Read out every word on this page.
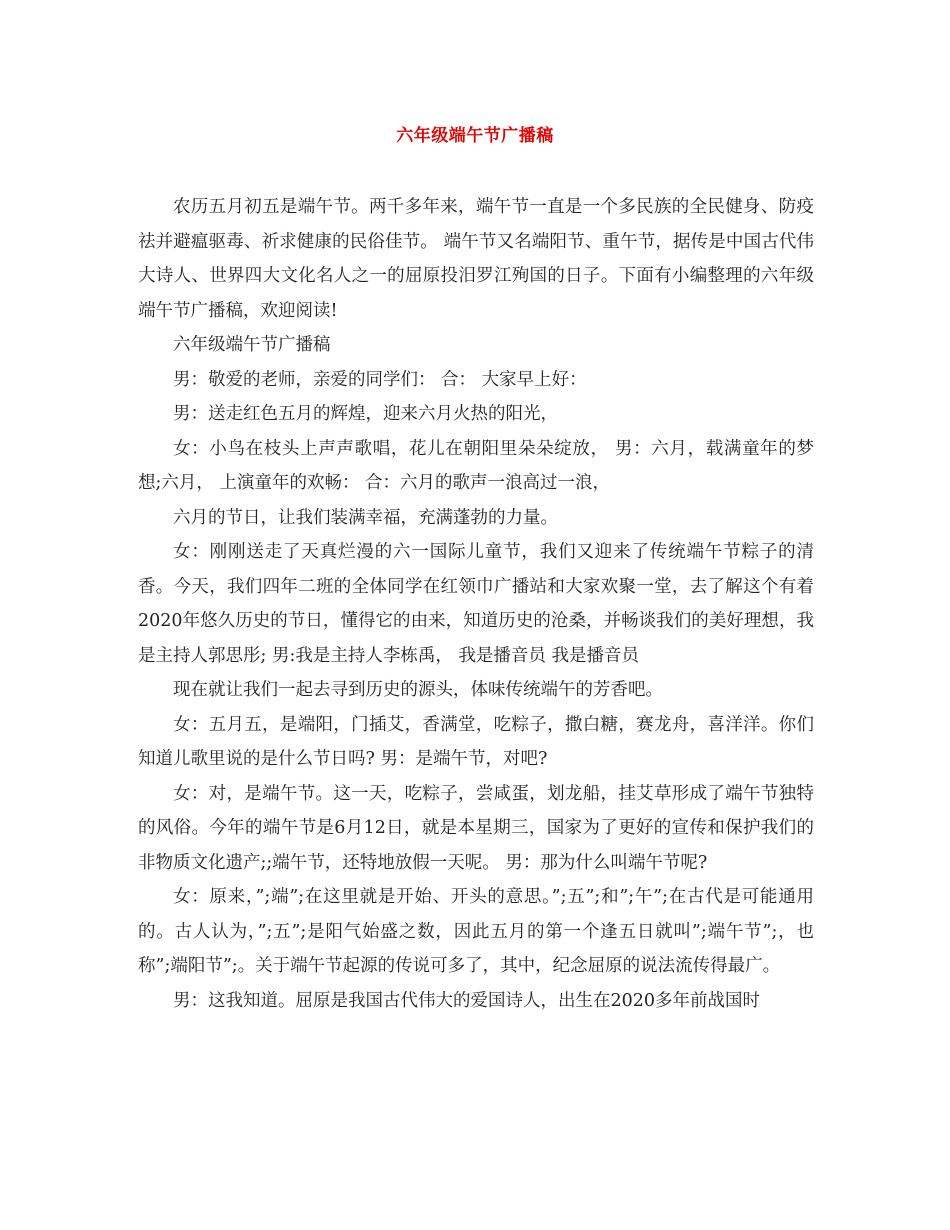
六年级端午节广播稿

农历五月初五是端午节。两千多年来，端午节一直是一个多民族的全民健身、防疫祛并避瘟驱毒、祈求健康的民俗佳节。 端午节又名端阳节、重午节，据传是中国古代伟大诗人、世界四大文化名人之一的屈原投汨罗江殉国的日子。下面有小编整理的六年级端午节广播稿，欢迎阅读!

六年级端午节广播稿

男：敬爱的老师，亲爱的同学们： 合： 大家早上好：

男：送走红色五月的辉煌，迎来六月火热的阳光，

女：小鸟在枝头上声声歌唱，花儿在朝阳里朵朵绽放， 男：六月，载满童年的梦想;六月， 上演童年的欢畅： 合：六月的歌声一浪高过一浪，

六月的节日，让我们装满幸福，充满蓬勃的力量。

女：刚刚送走了天真烂漫的六一国际儿童节，我们又迎来了传统端午节粽子的清香。今天，我们四年二班的全体同学在红领巾广播站和大家欢聚一堂，去了解这个有着2020年悠久历史的节日，懂得它的由来，知道历史的沧桑，并畅谈我们的美好理想，我是主持人郭思彤; 男:我是主持人李栋禹， 我是播音员 我是播音员

现在就让我们一起去寻到历史的源头，体味传统端午的芳香吧。

女：五月五，是端阳，门插艾，香满堂，吃粽子，撒白糖，赛龙舟，喜洋洋。你们知道儿歌里说的是什么节日吗? 男：是端午节，对吧?

女：对，是端午节。这一天，吃粽子，尝咸蛋，划龙船，挂艾草形成了端午节独特的风俗。今年的端午节是6月12日，就是本星期三，国家为了更好的宣传和保护我们的非物质文化遗产;;端午节，还特地放假一天呢。 男：那为什么叫端午节呢?

女：原来，”;端”;在这里就是开始、开头的意思。”;五”;和”;午”;在古代是可能通用的。古人认为，”;五”;是阳气始盛之数，因此五月的第一个逢五日就叫”;端午节”;，也称”;端阳节”;。关于端午节起源的传说可多了，其中，纪念屈原的说法流传得最广。

男：这我知道。屈原是我国古代伟大的爱国诗人，出生在2020多年前战国时
